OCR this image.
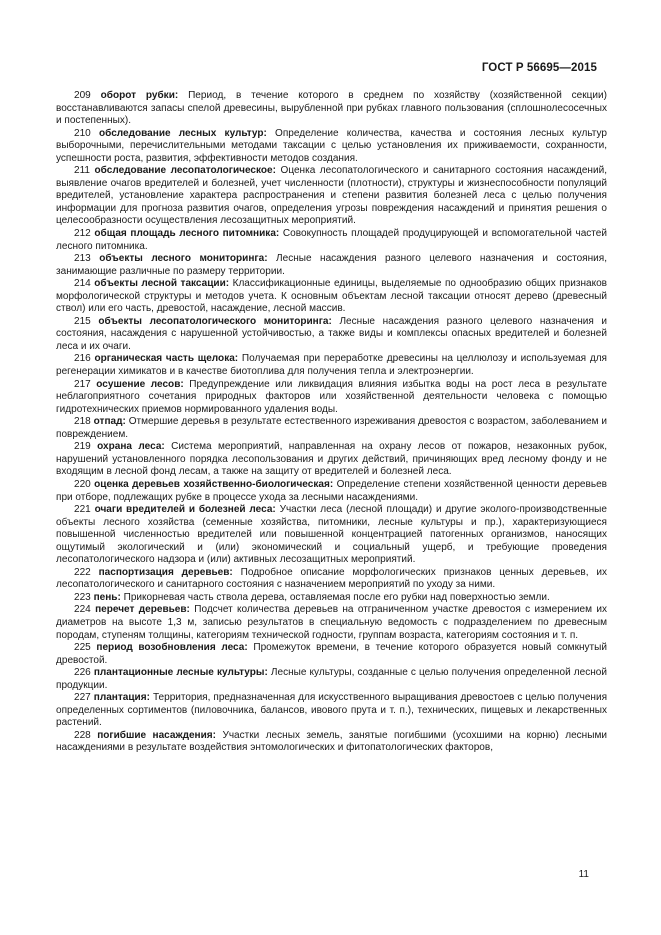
ГОСТ Р 56695—2015

209 оборот рубки: Период, в течение которого в среднем по хозяйству (хозяйственной секции) восстанавливаются запасы спелой древесины, вырубленной при рубках главного пользования (сплошнолесосечных и постепенных).

210 обследование лесных культур: Определение количества, качества и состояния лесных культур выборочными, перечислительными методами таксации с целью установления их приживаемости, сохранности, успешности роста, развития, эффективности методов создания.

211 обследование лесопатологическое: Оценка лесопатологического и санитарного состояния насаждений, выявление очагов вредителей и болезней, учет численности (плотности), структуры и жизнеспособности популяций вредителей, установление характера распространения и степени развития болезней леса с целью получения информации для прогноза развития очагов, определения угрозы повреждения насаждений и принятия решения о целесообразности осуществления лесозащитных мероприятий.

212 общая площадь лесного питомника: Совокупность площадей продуцирующей и вспомогательной частей лесного питомника.

213 объекты лесного мониторинга: Лесные насаждения разного целевого назначения и состояния, занимающие различные по размеру территории.

214 объекты лесной таксации: Классификационные единицы, выделяемые по однообразию общих признаков морфологической структуры и методов учета. К основным объектам лесной таксации относят дерево (древесный ствол) или его часть, древостой, насаждение, лесной массив.

215 объекты лесопатологического мониторинга: Лесные насаждения разного целевого назначения и состояния, насаждения с нарушенной устойчивостью, а также виды и комплексы опасных вредителей и болезней леса и их очаги.

216 органическая часть щелока: Получаемая при переработке древесины на целлюлозу и используемая для регенерации химикатов и в качестве биотоплива для получения тепла и электроэнергии.

217 осушение лесов: Предупреждение или ликвидация влияния избытка воды на рост леса в результате неблагоприятного сочетания природных факторов или хозяйственной деятельности человека с помощью гидротехнических приемов нормированного удаления воды.

218 отпад: Отмершие деревья в результате естественного изреживания древостоя с возрастом, заболеванием и повреждением.

219 охрана леса: Система мероприятий, направленная на охрану лесов от пожаров, незаконных рубок, нарушений установленного порядка лесопользования и других действий, причиняющих вред лесному фонду и не входящим в лесной фонд лесам, а также на защиту от вредителей и болезней леса.

220 оценка деревьев хозяйственно-биологическая: Определение степени хозяйственной ценности деревьев при отборе, подлежащих рубке в процессе ухода за лесными насаждениями.

221 очаги вредителей и болезней леса: Участки леса (лесной площади) и другие эколого-производственные объекты лесного хозяйства (семенные хозяйства, питомники, лесные культуры и пр.), характеризующиеся повышенной численностью вредителей или повышенной концентрацией патогенных организмов, наносящих ощутимый экологический и (или) экономический и социальный ущерб, и требующие проведения лесопатологического надзора и (или) активных лесозащитных мероприятий.

222 паспортизация деревьев: Подробное описание морфологических признаков ценных деревьев, их лесопатологического и санитарного состояния с назначением мероприятий по уходу за ними.

223 пень: Прикорневая часть ствола дерева, оставляемая после его рубки над поверхностью земли.

224 перечет деревьев: Подсчет количества деревьев на отграниченном участке древостоя с измерением их диаметров на высоте 1,3 м, записью результатов в специальную ведомость с подразделением по древесным породам, ступеням толщины, категориям технической годности, группам возраста, категориям состояния и т. п.

225 период возобновления леса: Промежуток времени, в течение которого образуется новый сомкнутый древостой.

226 плантационные лесные культуры: Лесные культуры, созданные с целью получения определенной лесной продукции.

227 плантация: Территория, предназначенная для искусственного выращивания древостоев с целью получения определенных сортиментов (пиловочника, балансов, ивового прута и т. п.), технических, пищевых и лекарственных растений.

228 погибшие насаждения: Участки лесных земель, занятые погибшими (усохшими на корню) лесными насаждениями в результате воздействия энтомологических и фитопатологических факторов,

11
